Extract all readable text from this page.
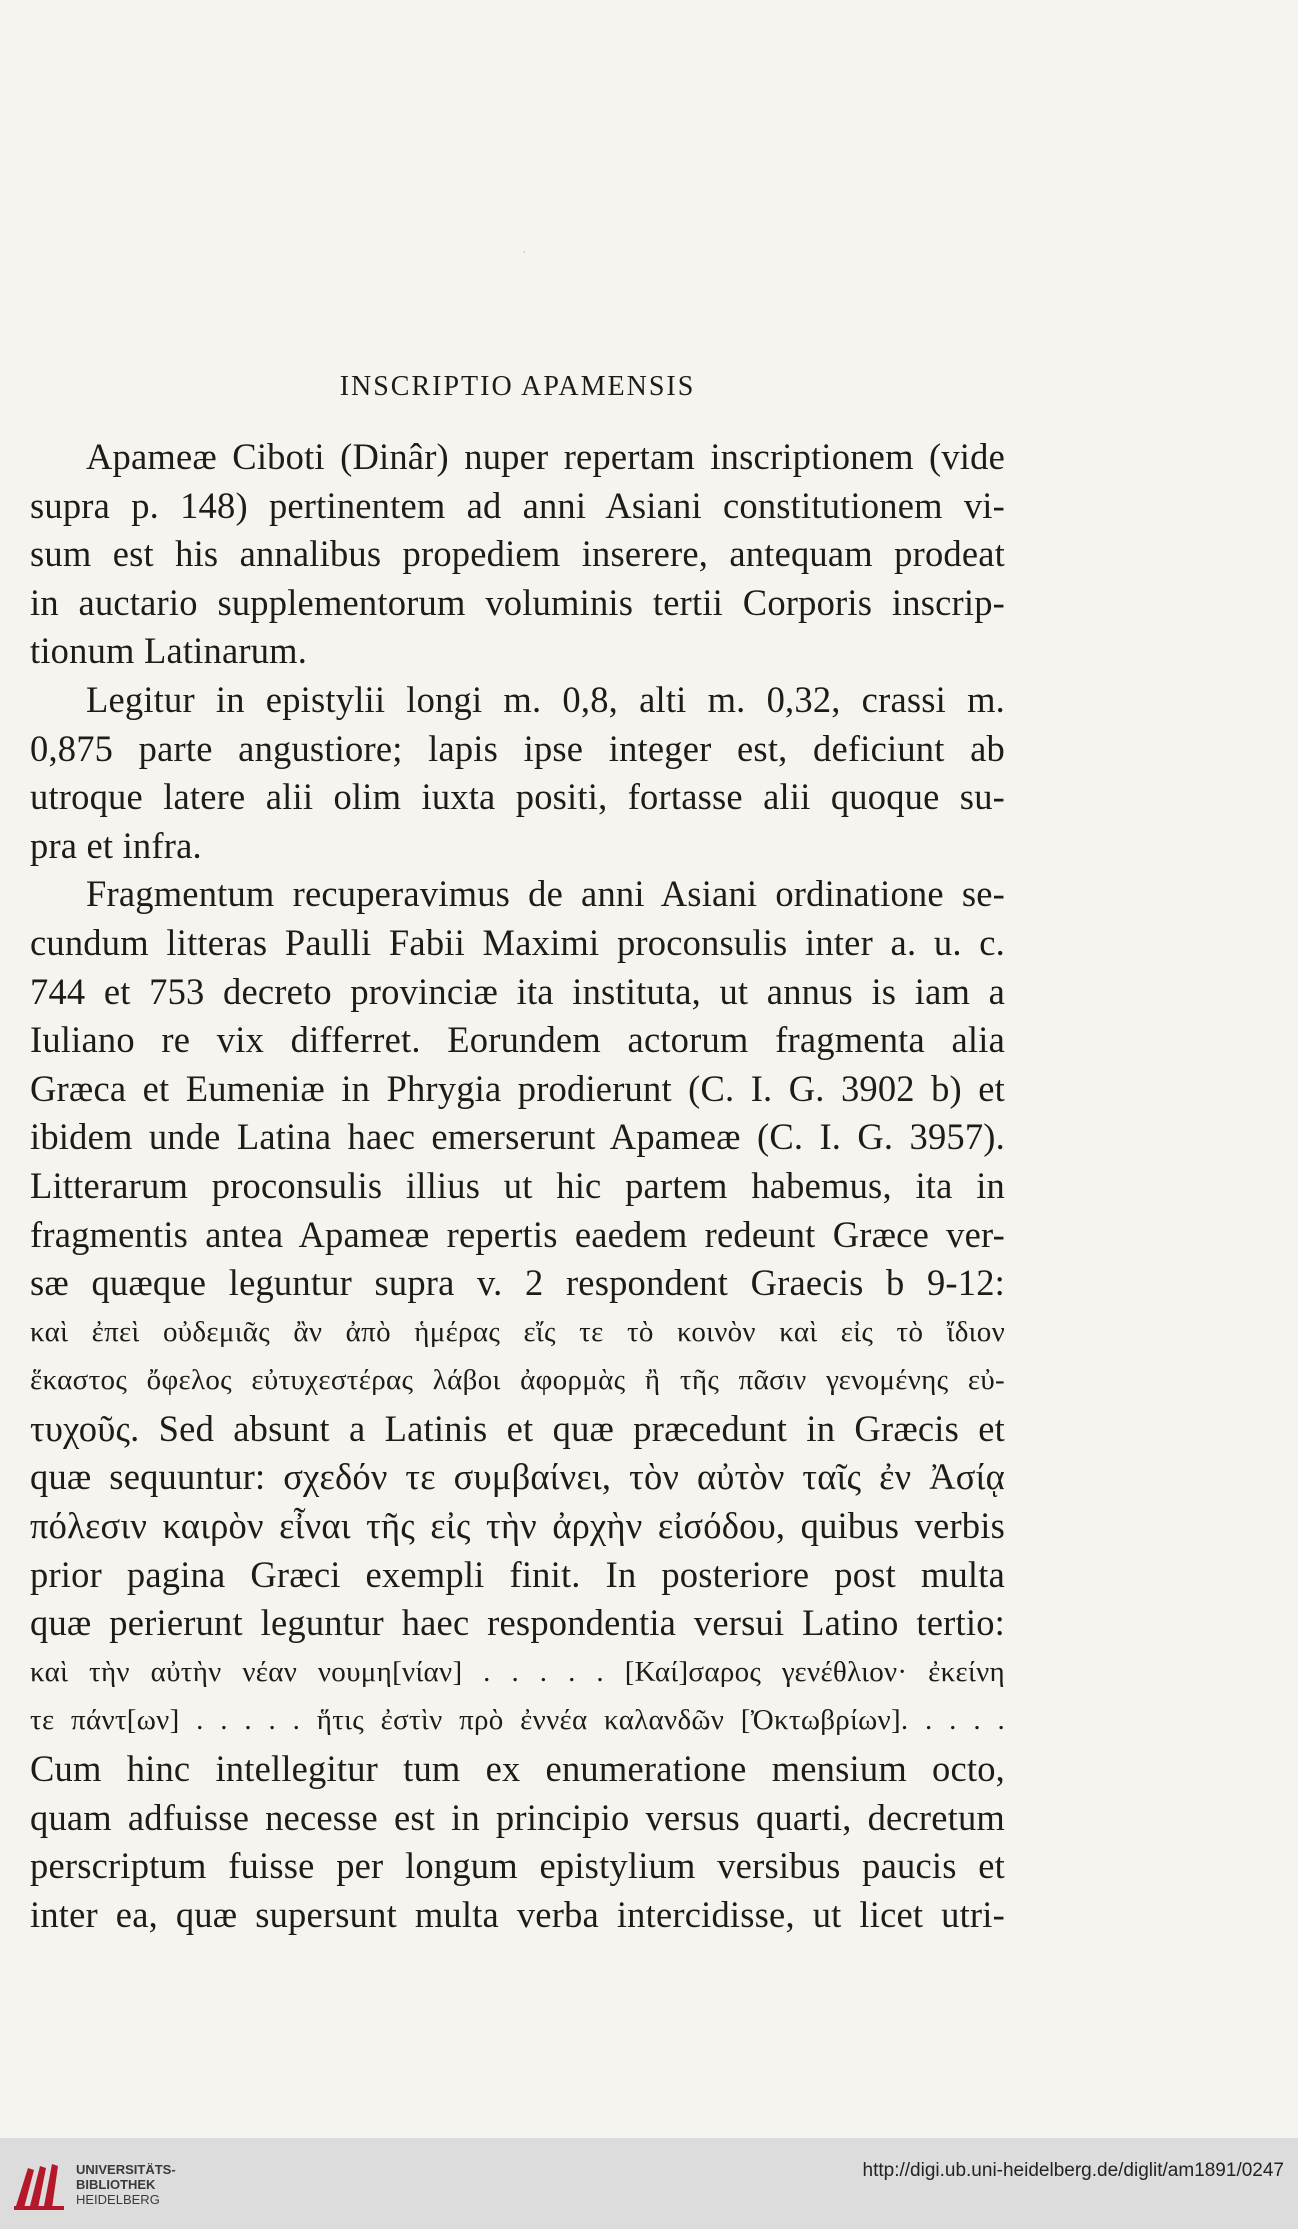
·
INSCRIPTIO APAMENSIS
Apameæ Ciboti (Dinâr) nuper repertam inscriptionem (vide
supra p. 148) pertinentem ad anni Asiani constitutionem vi-
sum est his annalibus propediem inserere, antequam prodeat
in auctario supplementorum voluminis tertii Corporis inscrip-
tionum Latinarum.
Legitur in epistylii longi m. 0,8, alti m. 0,32, crassi m.
0,875 parte angustiore; lapis ipse integer est, deficiunt ab
utroque latere alii olim iuxta positi, fortasse alii quoque su-
pra et infra.
Fragmentum recuperavimus de anni Asiani ordinatione se-
cundum litteras Paulli Fabii Maximi proconsulis inter a. u. c.
744 et 753 decreto provinciæ ita instituta, ut annus is iam a
Iuliano re vix differret. Eorundem actorum fragmenta alia
Græca et Eumeniæ in Phrygia prodierunt (C. I. G. 3902 b) et
ibidem unde Latina haec emerserunt Apameæ (C. I. G. 3957).
Litterarum proconsulis illius ut hic partem habemus, ita in
fragmentis antea Apameæ repertis eaedem redeunt Græce ver-
sæ quæque leguntur supra v. 2 respondent Graecis b 9-12:
καὶ ἐπεὶ οὐδεμιᾶς ἂν ἀπὸ ἡμέρας εἴς τε τὸ κοινὸν καὶ εἰς τὸ ἴδιον
ἕκαστος ὄφελος εὐτυχεστέρας λάβοι ἀφορμὰς ἢ τῆς πᾶσιν γενομένης εὐ-
τυχοῦς. Sed absunt a Latinis et quæ præcedunt in Græcis et
quæ sequuntur: σχεδόν τε συμβαίνει, τὸν αὐτὸν ταῖς ἐν Ἀσίᾳ
πόλεσιν καιρὸν εἶναι τῆς εἰς τὴν ἀρχὴν εἰσόδου, quibus verbis
prior pagina Græci exempli finit. In posteriore post multa
quæ perierunt leguntur haec respondentia versui Latino tertio:
καὶ τὴν αὐτὴν νέαν νουμη[νίαν] . . . . . [Καί]σαρος γενέθλιον· ἐκείνη
τε πάντ[ων] . . . . . ἥτις ἐστὶν πρὸ ἐννέα καλανδῶν [Ὀκτωβρίων]. . . . .
Cum hinc intellegitur tum ex enumeratione mensium octo,
quam adfuisse necesse est in principio versus quarti, decretum
perscriptum fuisse per longum epistylium versibus paucis et
inter ea, quæ supersunt multa verba intercidisse, ut licet utri-
UNIVERSITÄTS-
BIBLIOTHEK
HEIDELBERG
http://digi.ub.uni-heidelberg.de/diglit/am1891/0247
